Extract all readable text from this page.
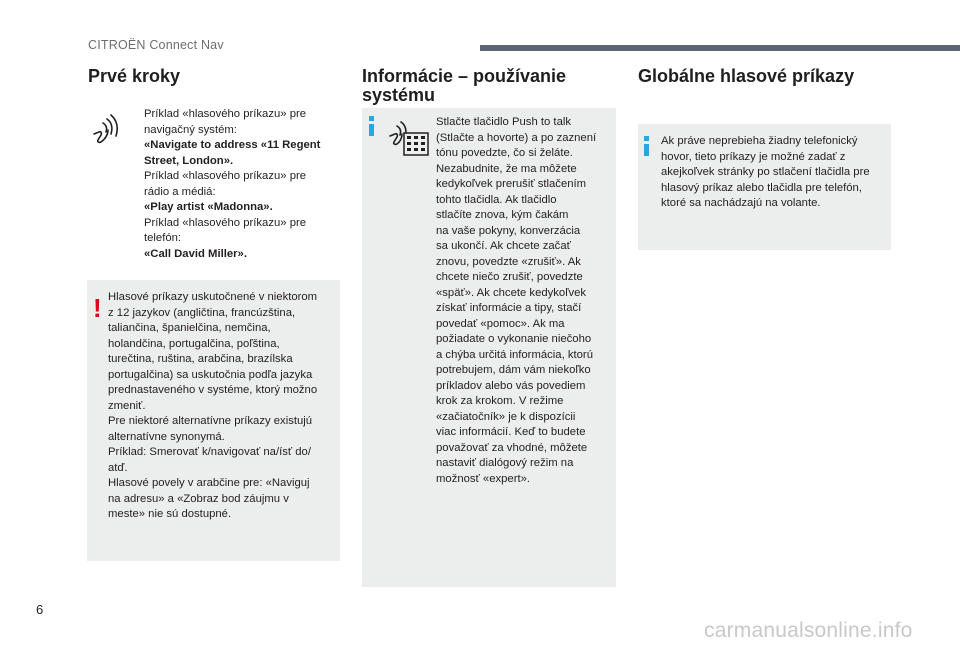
CITROËN Connect Nav
Prvé kroky

Príklad «hlasového príkazu» pre

navigačný systém:

«Navigate to address «11 Regent

Street, London».

Príklad «hlasového príkazu» pre

rádio a médiá:

«Play artist «Madonna».

Príklad «hlasového príkazu» pre

telefón:

«Call David Miller».

! Hlasové príkazy uskutočnené v niektorom

z 12 jazykov (angličtina, francúzština,

taliančina, španielčina, nemčina,

holandčina, portugalčina, poľština,

turečtina, ruština, arabčina, brazílska

portugalčina) sa uskutočnia podľa jazyka

prednastaveného v systéme, ktorý možno

zmeniť.

Pre niektoré alternatívne príkazy existujú

alternatívne synonymá.

Príklad: Smerovať k/navigovať na/ísť do/

atď.

Hlasové povely v arabčine pre: «Naviguj

na adresu» a «Zobraz bod záujmu v

meste» nie sú dostupné.

Informácie – používanie
systému

Stlačte tlačidlo Push to talk

(Stlačte a hovorte) a po zaznení

tónu povedzte, čo si želáte.

Nezabudnite, že ma môžete

kedykoľvek prerušiť stlačením

tohto tlačidla. Ak tlačidlo

stlačíte znova, kým čakám

na vaše pokyny, konverzácia

sa ukončí. Ak chcete začať

znovu, povedzte «zrušiť». Ak

chcete niečo zrušiť, povedzte

«späť». Ak chcete kedykoľvek

získať informácie a tipy, stačí

povedať «pomoc». Ak ma

požiadate o vykonanie niečoho

a chýba určitá informácia, ktorú

potrebujem, dám vám niekoľko

príkladov alebo vás povediem

krok za krokom. V režime

«začiatočník» je k dispozícii

viac informácií. Keď to budete

považovať za vhodné, môžete

nastaviť dialógový režim na

možnosť «expert».

Globálne hlasové príkazy

Ak práve neprebieha žiadny telefonický

hovor, tieto príkazy je možné zadať z

akejkoľvek stránky po stlačení tlačidla pre

hlasový príkaz alebo tlačidla pre telefón,

ktoré sa nachádzajú na volante.

6
carmanualsonline.info
